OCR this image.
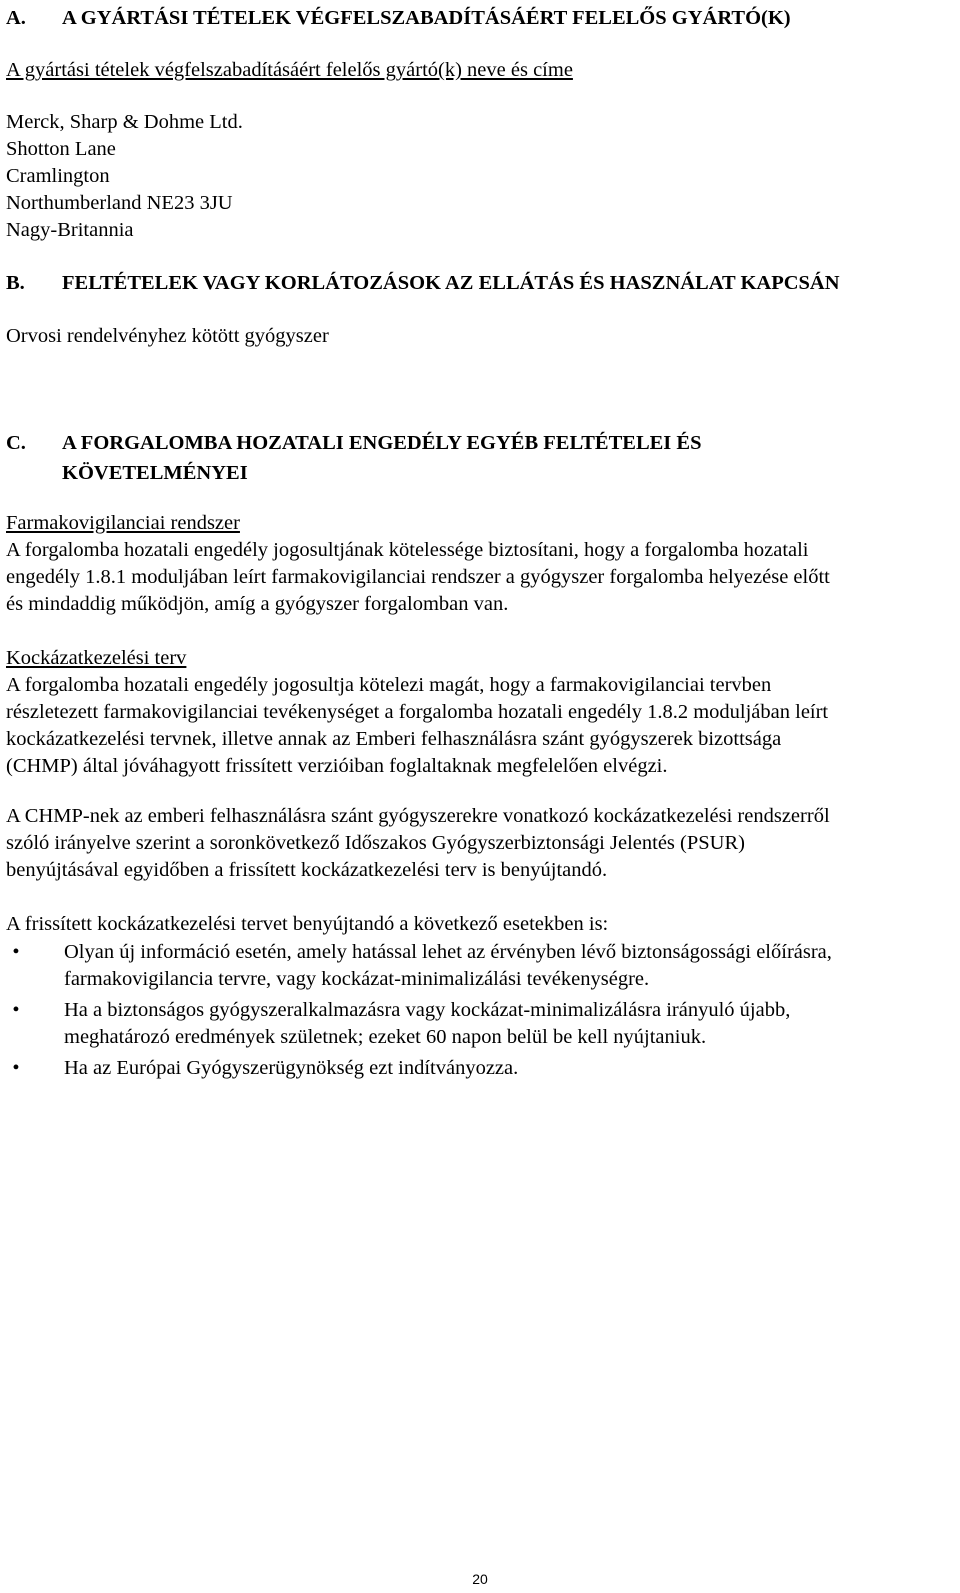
A. A GYÁRTÁSI TÉTELEK VÉGFELSZABADÍTÁSÁÉRT FELELŐS GYÁRTÓ(K)
A gyártási tételek végfelszabadításáért felelős gyártó(k) neve és címe
Merck, Sharp & Dohme Ltd.
Shotton Lane
Cramlington
Northumberland NE23 3JU
Nagy-Britannia
B. FELTÉTELEK VAGY KORLÁTOZÁSOK AZ ELLÁTÁS ÉS HASZNÁLAT KAPCSÁN
Orvosi rendelvényhez kötött gyógyszer
C. A FORGALOMBA HOZATALI ENGEDÉLY EGYÉB FELTÉTELEI ÉS
KÖVETELMÉNYEI
Farmakovigilanciai rendszer
A forgalomba hozatali engedély jogosultjának kötelessége biztosítani, hogy a forgalomba hozatali
engedély 1.8.1 moduljában leírt farmakovigilanciai rendszer a gyógyszer forgalomba helyezése előtt
és mindaddig működjön, amíg a gyógyszer forgalomban van.
Kockázatkezelési terv
A forgalomba hozatali engedély jogosultja kötelezi magát, hogy a farmakovigilanciai tervben
részletezett farmakovigilanciai tevékenységet a forgalomba hozatali engedély 1.8.2 moduljában leírt
kockázatkezelési tervnek, illetve annak az Emberi felhasználásra szánt gyógyszerek bizottsága
(CHMP) által jóváhagyott frissített verzióiban foglaltaknak megfelelően elvégzi.
A CHMP-nek az emberi felhasználásra szánt gyógyszerekre vonatkozó kockázatkezelési rendszerről
szóló irányelve szerint a soronkövetkező Időszakos Gyógyszerbiztonsági Jelentés (PSUR)
benyújtásával egyidőben a frissített kockázatkezelési terv is benyújtandó.
A frissített kockázatkezelési tervet benyújtandó a következő esetekben is:
•	Olyan új információ esetén, amely hatással lehet az érvényben lévő biztonságossági előírásra,
farmakovigilancia tervre, vagy kockázat-minimalizálási tevékenységre.
•	Ha a biztonságos gyógyszeralkalmazásra vagy kockázat-minimalizálásra irányuló újabb,
meghatározó eredmények születnek; ezeket 60 napon belül be kell nyújtaniuk.
•	Ha az Európai Gyógyszerügynökség ezt indítványozza.
20
